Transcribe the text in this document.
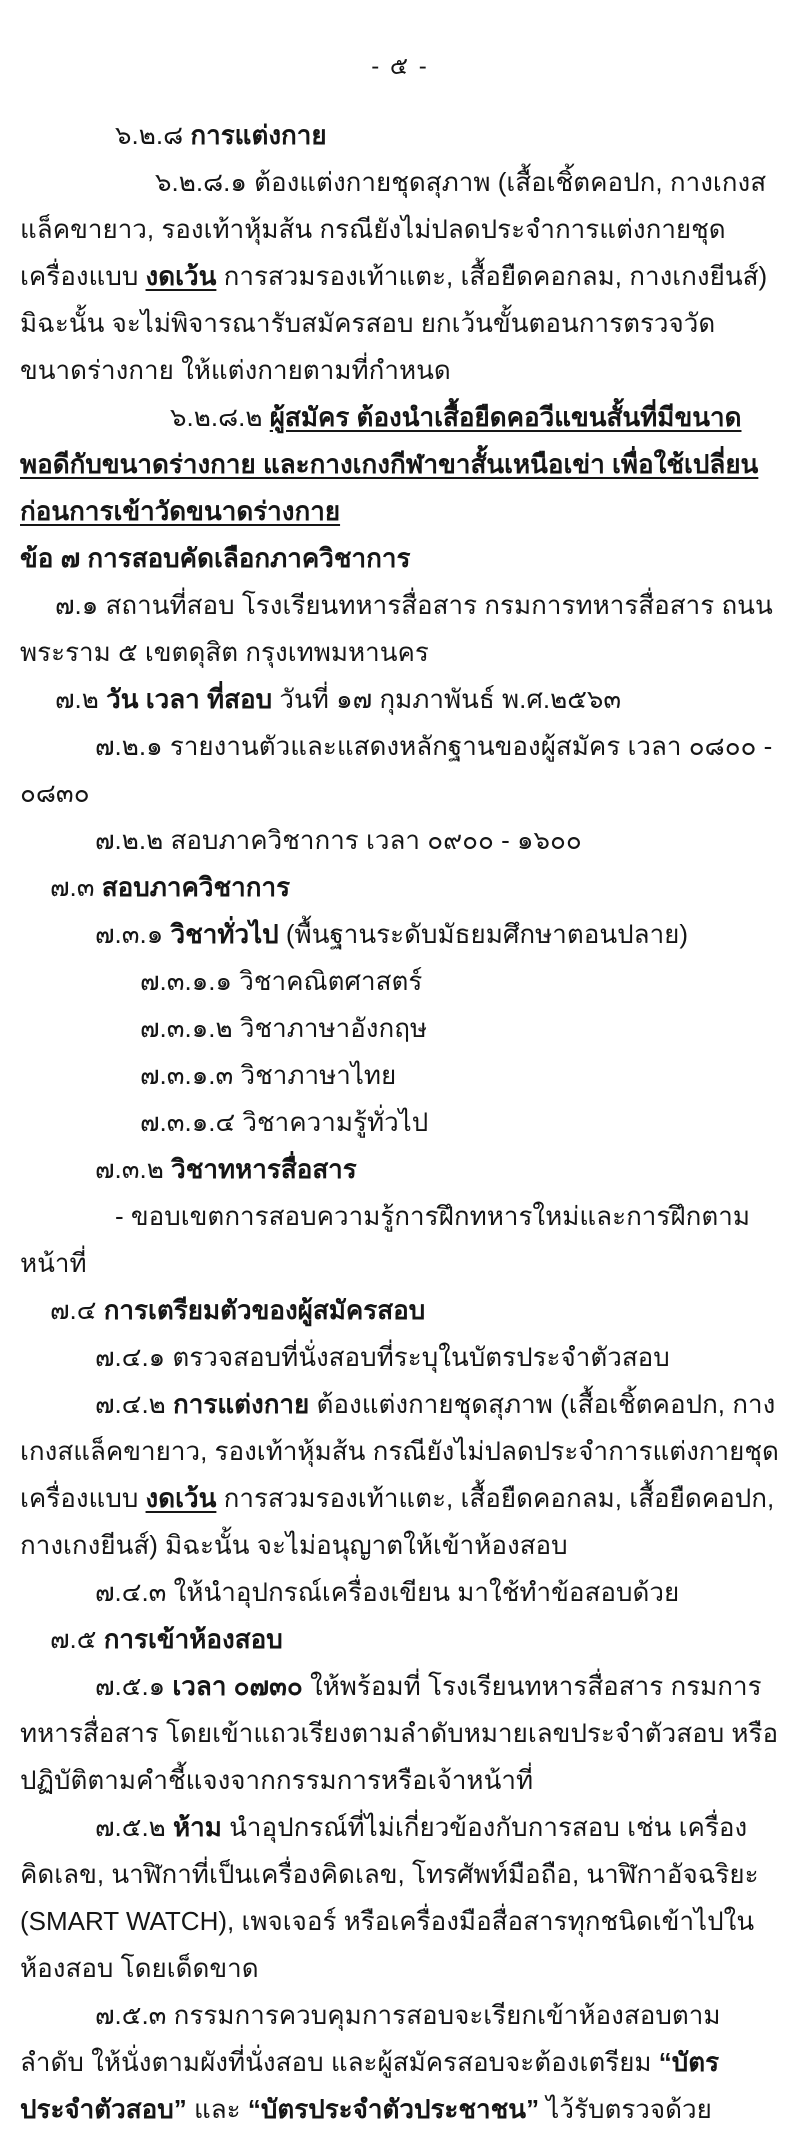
- ๕ -

๖.๒.๘ การแต่งกาย

๖.๒.๘.๑ ต้องแต่งกายชุดสุภาพ (เสื้อเชิ้ตคอปก, กางเกงสแล็คขายาว, รองเท้าหุ้มส้น กรณียังไม่ปลดประจำการแต่งกายชุดเครื่องแบบ งดเว้น การสวมรองเท้าแตะ, เสื้อยืดคอกลม, กางเกงยีนส์) มิฉะนั้น จะไม่พิจารณารับสมัครสอบ ยกเว้นขั้นตอนการตรวจวัดขนาดร่างกาย ให้แต่งกายตามที่กำหนด

๖.๒.๘.๒ ผู้สมัคร ต้องนำเสื้อยืดคอวีแขนสั้นที่มีขนาดพอดีกับขนาดร่างกาย และกางเกงกีฬาขาสั้นเหนือเข่า เพื่อใช้เปลี่ยนก่อนการเข้าวัดขนาดร่างกาย

ข้อ ๗ การสอบคัดเลือกภาควิชาการ

๗.๑ สถานที่สอบ โรงเรียนทหารสื่อสาร กรมการทหารสื่อสาร ถนนพระราม ๕ เขตดุสิต กรุงเทพมหานคร

๗.๒ วัน เวลา ที่สอบ วันที่ ๑๗ กุมภาพันธ์ พ.ศ.๒๕๖๓

๗.๒.๑ รายงานตัวและแสดงหลักฐานของผู้สมัคร เวลา ๐๘๐๐ - ๐๘๓๐

๗.๒.๒ สอบภาควิชาการ เวลา ๐๙๐๐ - ๑๖๐๐

๗.๓ สอบภาควิชาการ

๗.๓.๑ วิชาทั่วไป (พื้นฐานระดับมัธยมศึกษาตอนปลาย)

๗.๓.๑.๑ วิชาคณิตศาสตร์

๗.๓.๑.๒ วิชาภาษาอังกฤษ

๗.๓.๑.๓ วิชาภาษาไทย

๗.๓.๑.๔ วิชาความรู้ทั่วไป

๗.๓.๒ วิชาทหารสื่อสาร

- ขอบเขตการสอบความรู้การฝึกทหารใหม่และการฝึกตามหน้าที่

๗.๔ การเตรียมตัวของผู้สมัครสอบ

๗.๔.๑ ตรวจสอบที่นั่งสอบที่ระบุในบัตรประจำตัวสอบ

๗.๔.๒ การแต่งกาย ต้องแต่งกายชุดสุภาพ (เสื้อเชิ้ตคอปก, กางเกงสแล็คขายาว, รองเท้าหุ้มส้น กรณียังไม่ปลดประจำการแต่งกายชุดเครื่องแบบ งดเว้น การสวมรองเท้าแตะ, เสื้อยืดคอกลม, เสื้อยืดคอปก, กางเกงยีนส์) มิฉะนั้น จะไม่อนุญาตให้เข้าห้องสอบ

๗.๔.๓ ให้นำอุปกรณ์เครื่องเขียน มาใช้ทำข้อสอบด้วย

๗.๕ การเข้าห้องสอบ

๗.๕.๑ เวลา ๐๗๓๐ ให้พร้อมที่ โรงเรียนทหารสื่อสาร กรมการทหารสื่อสาร โดยเข้าแถวเรียงตามลำดับหมายเลขประจำตัวสอบ หรือปฏิบัติตามคำชี้แจงจากกรรมการหรือเจ้าหน้าที่

๗.๕.๒ ห้าม นำอุปกรณ์ที่ไม่เกี่ยวข้องกับการสอบ เช่น เครื่องคิดเลข, นาฬิกาที่เป็นเครื่องคิดเลข, โทรศัพท์มือถือ, นาฬิกาอัจฉริยะ (SMART WATCH), เพจเจอร์ หรือเครื่องมือสื่อสารทุกชนิดเข้าไปในห้องสอบ โดยเด็ดขาด

๗.๕.๓ กรรมการควบคุมการสอบจะเรียกเข้าห้องสอบตามลำดับ ให้นั่งตามผังที่นั่งสอบ และผู้สมัครสอบจะต้องเตรียม “บัตรประจำตัวสอบ” และ “บัตรประจำตัวประชาชน” ไว้รับตรวจด้วย
